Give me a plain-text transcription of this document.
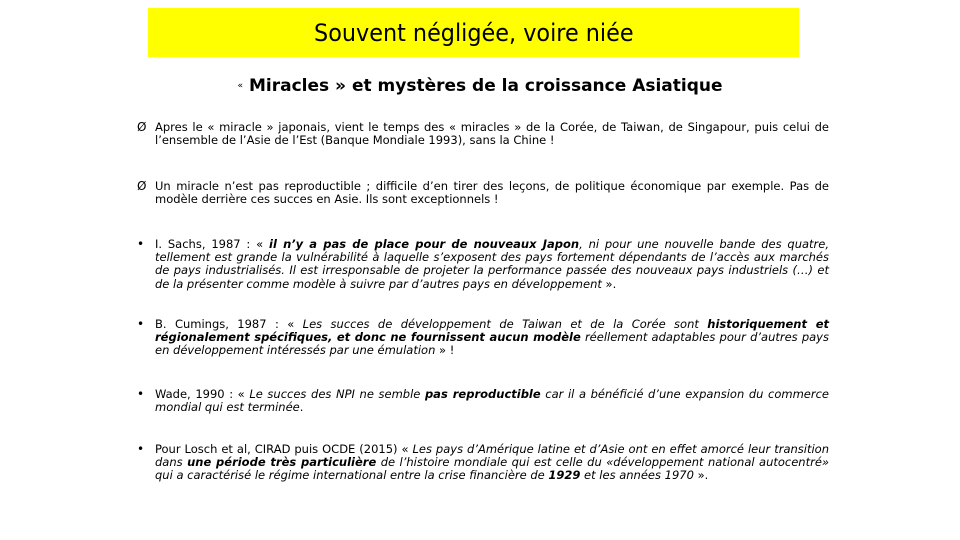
Souvent négligée, voire niée
« Miracles » et mystères de la croissance Asiatique
Ø Apres le « miracle » japonais, vient le temps des « miracles » de la Corée, de Taiwan, de Singapour, puis celui de l’ensemble de l’Asie de l’Est (Banque Mondiale 1993), sans la Chine !
Ø Un miracle n’est pas reproductible ; difficile d’en tirer des leçons, de politique économique par exemple. Pas de modèle derrière ces succes en Asie. Ils sont exceptionnels !
• I. Sachs, 1987 : « il n’y a pas de place pour de nouveaux Japon, ni pour une nouvelle bande des quatre, tellement est grande la vulnérabilité à laquelle s’exposent des pays fortement dépendants de l’accès aux marchés de pays industrialisés. Il est irresponsable de projeter la performance passée des nouveaux pays industriels (…) et de la présenter comme modèle à suivre par d’autres pays en développement ».
• B. Cumings, 1987 : « Les succes de développement de Taiwan et de la Corée sont historiquement et régionalement spécifiques, et donc ne fournissent aucun modèle réellement adaptables pour d’autres pays en développement intéressés par une émulation » !
• Wade, 1990 : « Le succes des NPI ne semble pas reproductible car il a bénéficié d’une expansion du commerce mondial qui est terminée.
• Pour Losch et al, CIRAD puis OCDE (2015) « Les pays d’Amérique latine et d’Asie ont en effet amorcé leur transition dans une période très particulière de l’histoire mondiale qui est celle du «développement national autocentré» qui a caractérisé le régime international entre la crise financière de 1929 et les années 1970 ».
